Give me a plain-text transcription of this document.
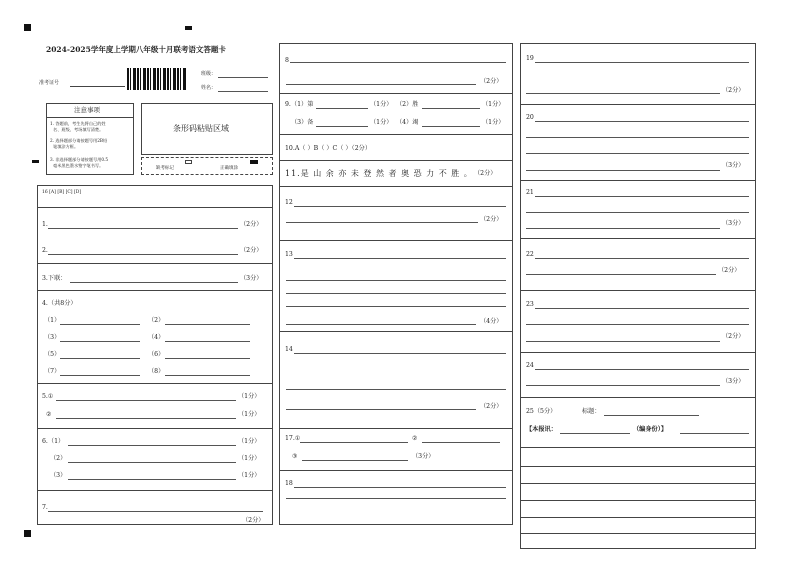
2024-2025学年度上学期八年级十月联考语文答题卡
准考证号
班级：
姓名：
注意事项
1. 答题前，考生先将自己的姓
名、班级、考场填写清楚。
2. 选择题部分请按题号用2B铅
笔填涂方框。
3. 非选择题部分请按题号用0.5
毫米黑色墨水签字笔书写。
条形码粘贴区域
缺考标记	正确填涂
16 [A] [B] [C] [D]
1.	（2分）
2.	（2分）
3.下联：	（3分）
4.（共8分）
（1）	（2）
（3）	（4）
（5）	（6）
（7）	（8）
5.①	（1分）
②	（1分）
6.（1）	（1分）
（2）	（1分）
（3）	（1分）
7.
（2分）
8
（2分）
9.（1）第	（1分） （2）胜	（1分）
（3）备	（1分） （4）竭	（1分）
10.A（ ）B（ ）C（ ）（2分）
11.是 山 余 亦 未 登 然 者 奥 恐 力 不 胜 。 （2分）
12
（2分）
13
（4分）
14
（2分）
17.①	②
③	（3分）
18
19
（2分）
20
（3分）
21
（3分）
22
（2分）
23
（2分）
24
（3分）
25（5分）	标题：
【本报讯：	（编身份）】
